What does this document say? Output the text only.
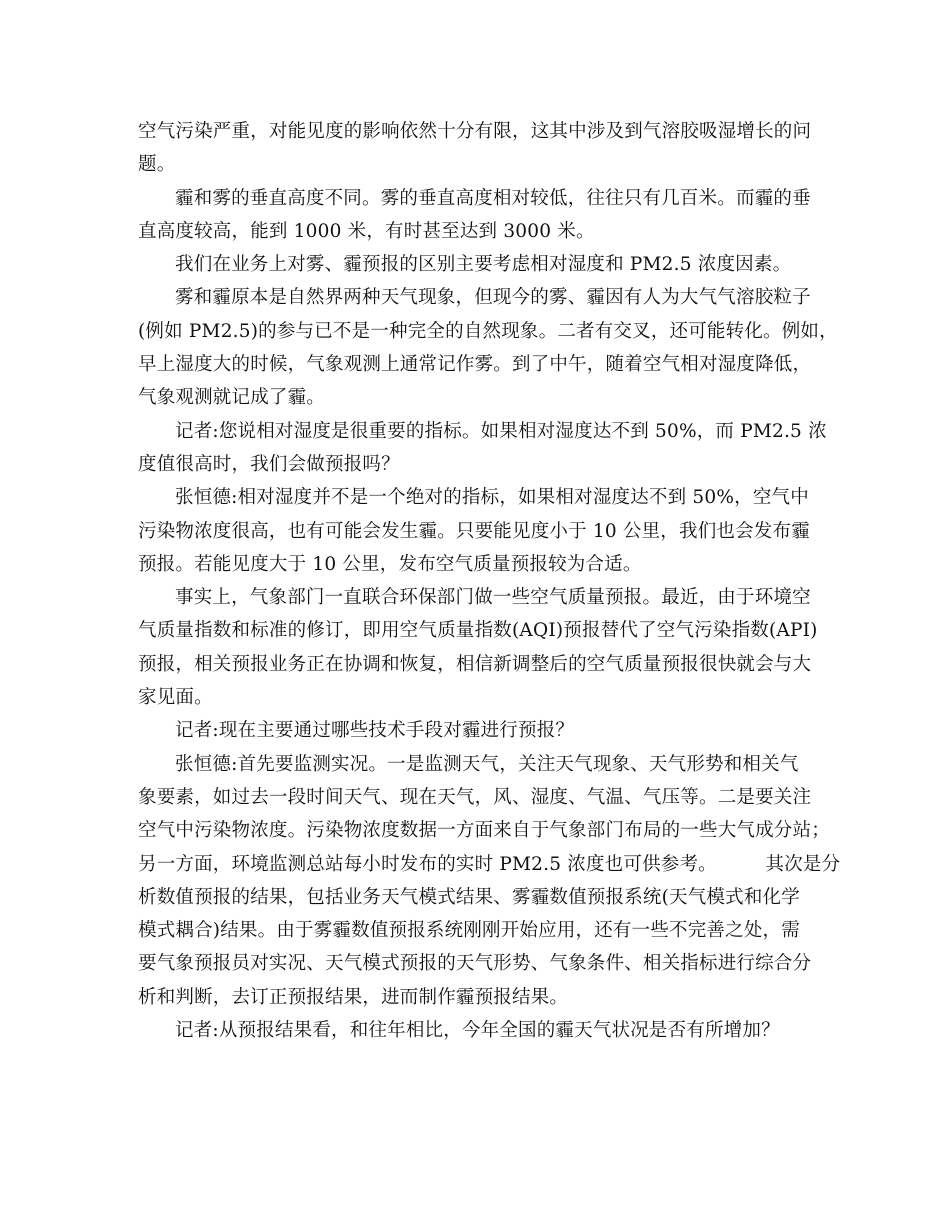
空气污染严重，对能见度的影响依然十分有限，这其中涉及到气溶胶吸湿增长的问
题。
霾和雾的垂直高度不同。雾的垂直高度相对较低，往往只有几百米。而霾的垂
直高度较高，能到 1000 米，有时甚至达到 3000 米。
我们在业务上对雾、霾预报的区别主要考虑相对湿度和 PM2.5 浓度因素。
雾和霾原本是自然界两种天气现象，但现今的雾、霾因有人为大气气溶胶粒子
(例如 PM2.5)的参与已不是一种完全的自然现象。二者有交叉，还可能转化。例如，
早上湿度大的时候，气象观测上通常记作雾。到了中午，随着空气相对湿度降低，
气象观测就记成了霾。
记者:您说相对湿度是很重要的指标。如果相对湿度达不到 50%，而 PM2.5 浓
度值很高时，我们会做预报吗？
张恒德:相对湿度并不是一个绝对的指标，如果相对湿度达不到 50%，空气中
污染物浓度很高，也有可能会发生霾。只要能见度小于 10 公里，我们也会发布霾
预报。若能见度大于 10 公里，发布空气质量预报较为合适。
事实上，气象部门一直联合环保部门做一些空气质量预报。最近，由于环境空
气质量指数和标准的修订，即用空气质量指数(AQI)预报替代了空气污染指数(API)
预报，相关预报业务正在协调和恢复，相信新调整后的空气质量预报很快就会与大
家见面。
记者:现在主要通过哪些技术手段对霾进行预报？
张恒德:首先要监测实况。一是监测天气，关注天气现象、天气形势和相关气
象要素，如过去一段时间天气、现在天气，风、湿度、气温、气压等。二是要关注
空气中污染物浓度。污染物浓度数据一方面来自于气象部门布局的一些大气成分站；
另一方面，环境监测总站每小时发布的实时 PM2.5 浓度也可供参考。        其次是分
析数值预报的结果，包括业务天气模式结果、雾霾数值预报系统(天气模式和化学
模式耦合)结果。由于雾霾数值预报系统刚刚开始应用，还有一些不完善之处，需
要气象预报员对实况、天气模式预报的天气形势、气象条件、相关指标进行综合分
析和判断，去订正预报结果，进而制作霾预报结果。
记者:从预报结果看，和往年相比，今年全国的霾天气状况是否有所增加？
